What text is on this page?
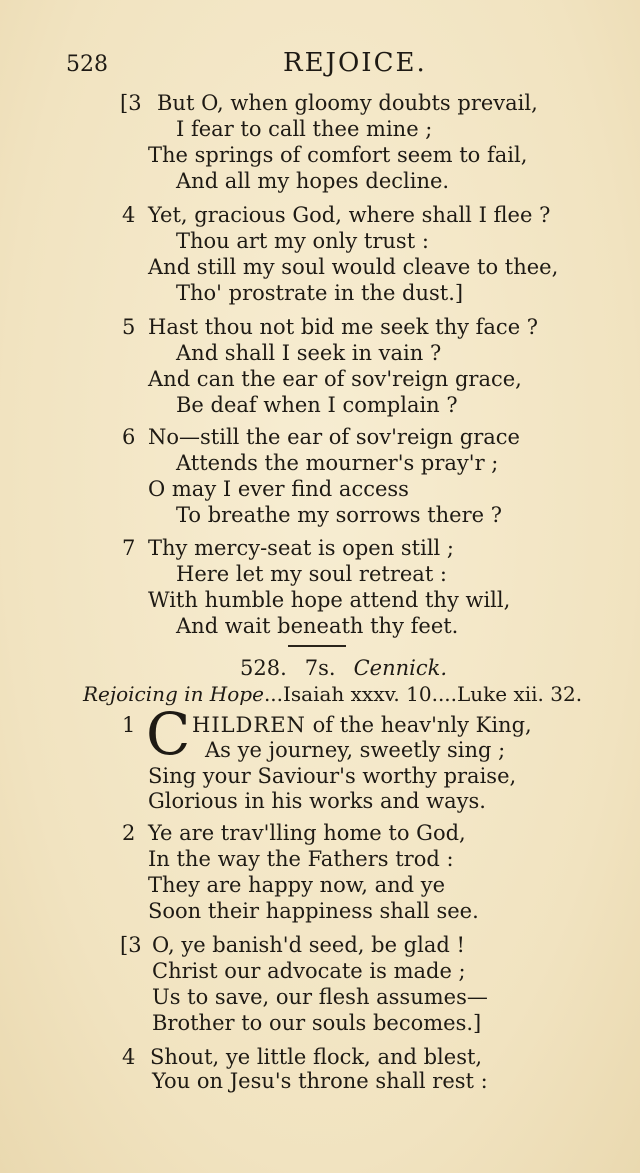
528	REJOICE.
[3 But O, when gloomy doubts prevail,
I fear to call thee mine ;
The springs of comfort seem to fail,
And all my hopes decline.
4 Yet, gracious God, where shall I flee ?
Thou art my only trust :
And still my soul would cleave to thee,
Tho' prostrate in the dust.]
5 Hast thou not bid me seek thy face ?
And shall I seek in vain ?
And can the ear of sov'reign grace,
Be deaf when I complain ?
6 No—still the ear of sov'reign grace
Attends the mourner's pray'r ;
O may I ever find access
To breathe my sorrows there ?
7 Thy mercy-seat is open still ;
Here let my soul retreat :
With humble hope attend thy will,
And wait beneath thy feet.
528. 7s. Cennick.
Rejoicing in Hope...Isaiah xxxv. 10....Luke xii. 32.
1 C HILDREN of the heav'nly King,
As ye journey, sweetly sing ;
Sing your Saviour's worthy praise,
Glorious in his works and ways.
2 Ye are trav'lling home to God,
In the way the Fathers trod :
They are happy now, and ye
Soon their happiness shall see.
[3 O, ye banish'd seed, be glad !
Christ our advocate is made ;
Us to save, our flesh assumes—
Brother to our souls becomes.]
4 Shout, ye little flock, and blest,
You on Jesu's throne shall rest :
